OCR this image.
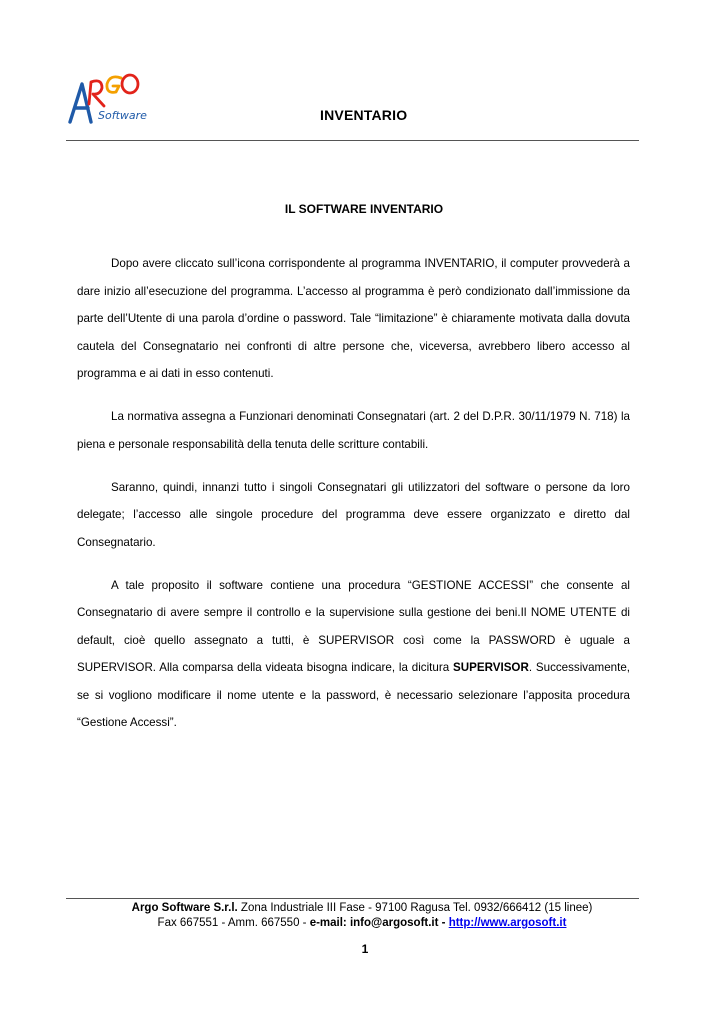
Software	INVENTARIO
IL SOFTWARE INVENTARIO

Dopo avere cliccato sull’icona corrispondente al programma INVENTARIO, il computer provvederà a dare inizio all’esecuzione del programma. L’accesso al programma è però condizionato dall’immissione da parte dell’Utente di una parola d’ordine o password. Tale “limitazione” è chiaramente motivata dalla dovuta cautela del Consegnatario nei confronti di altre persone che, viceversa, avrebbero libero accesso al programma e ai dati in esso contenuti.

La normativa assegna a Funzionari denominati Consegnatari (art. 2 del D.P.R. 30/11/1979 N. 718) la piena e personale responsabilità della tenuta delle scritture contabili.

Saranno, quindi, innanzi tutto i singoli Consegnatari gli utilizzatori del software o persone da loro delegate; l’accesso alle singole procedure del programma deve essere organizzato e diretto dal Consegnatario.

A tale proposito il software contiene una procedura “GESTIONE ACCESSI” che consente al Consegnatario di avere sempre il controllo e la supervisione sulla gestione dei beni.Il NOME UTENTE di default, cioè quello assegnato a tutti, è SUPERVISOR così come la PASSWORD è uguale a SUPERVISOR. Alla comparsa della videata bisogna indicare, la dicitura SUPERVISOR. Successivamente, se si vogliono modificare il nome utente e la password, è necessario selezionare l’apposita procedura “Gestione Accessi”.

Argo Software S.r.l. Zona Industriale III Fase - 97100 Ragusa Tel. 0932/666412 (15 linee)
Fax 667551 - Amm. 667550 - e-mail: info@argosoft.it - http://www.argosoft.it
1
